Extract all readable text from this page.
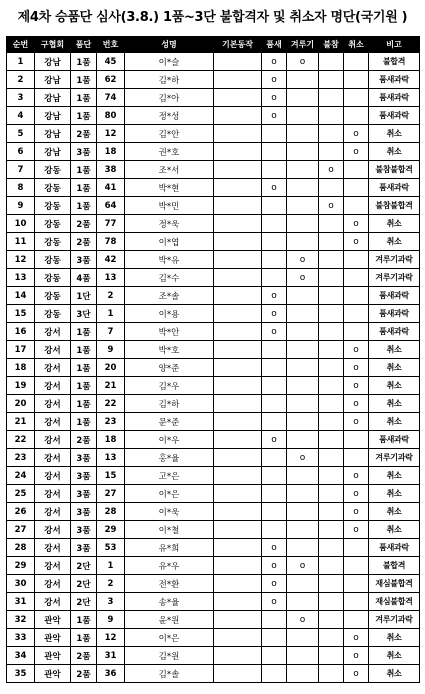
제4차 승품단 심사(3.8.) 1품~3단 불합격자 및 취소자 명단(국기원 )
순번	구협회	품단	번호	성명	기본동작	품새	겨루기	불참	취소	비고
1	강남	1품	45	이*슬		o	o			불합격
2	강남	1품	62	김*하		o				품새과락
3	강남	1품	74	김*아		o				품새과락
4	강남	1품	80	정*성		o				품새과락
5	강남	2품	12	김*안					o	취소
6	강남	3품	18	권*호					o	취소
7	강동	1품	38	조*서				o		불참불합격
8	강동	1품	41	박*현		o				품새과락
9	강동	1품	64	박*민				o		불참불합격
10	강동	2품	77	정*욱					o	취소
11	강동	2품	78	이*엽					o	취소
12	강동	3품	42	박*유			o			겨루기과락
13	강동	4품	13	김*수			o			겨루기과락
14	강동	1단	2	조*솔		o				품새과락
15	강동	3단	1	이*용		o				품새과락
16	강서	1품	7	박*안		o				품새과락
17	강서	1품	9	박*호					o	취소
18	강서	1품	20	양*준					o	취소
19	강서	1품	21	김*우					o	취소
20	강서	1품	22	김*하					o	취소
21	강서	1품	23	문*준					o	취소
22	강서	2품	18	이*우		o				품새과락
23	강서	3품	13	홍*율			o			겨루기과락
24	강서	3품	15	고*은					o	취소
25	강서	3품	27	이*은					o	취소
26	강서	3품	28	이*욱					o	취소
27	강서	3품	29	이*철					o	취소
28	강서	3품	53	유*희		o				품새과락
29	강서	2단	1	유*우		o	o			불합격
30	강서	2단	2	전*환		o				재심불합격
31	강서	2단	3	송*율		o				재심불합격
32	관악	1품	9	윤*원			o			겨루기과락
33	관악	1품	12	이*은					o	취소
34	관악	2품	31	김*원					o	취소
35	관악	2품	36	김*솔					o	취소
